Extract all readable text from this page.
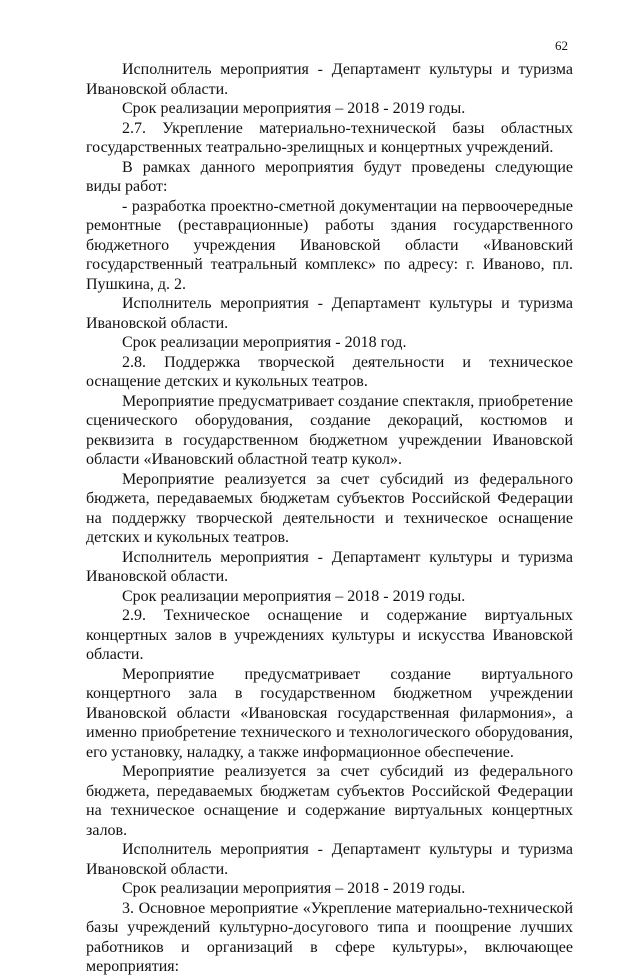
62

Исполнитель мероприятия - Департамент культуры и туризма Ивановской области.

Срок реализации мероприятия – 2018 - 2019 годы.

2.7. Укрепление материально-технической базы областных государственных театрально-зрелищных и концертных учреждений.

В рамках данного мероприятия будут проведены следующие виды работ:

- разработка проектно-сметной документации на первоочередные ремонтные (реставрационные) работы здания государственного бюджетного учреждения Ивановской области «Ивановский государственный театральный комплекс» по адресу: г. Иваново, пл. Пушкина, д. 2.

Исполнитель мероприятия - Департамент культуры и туризма Ивановской области.

Срок реализации мероприятия - 2018 год.

2.8. Поддержка творческой деятельности и техническое оснащение детских и кукольных театров.

Мероприятие предусматривает создание спектакля, приобретение сценического оборудования, создание декораций, костюмов и реквизита в государственном бюджетном учреждении Ивановской области «Ивановский областной театр кукол».

Мероприятие реализуется за счет субсидий из федерального бюджета, передаваемых бюджетам субъектов Российской Федерации на поддержку творческой деятельности и техническое оснащение детских и кукольных театров.

Исполнитель мероприятия - Департамент культуры и туризма Ивановской области.

Срок реализации мероприятия – 2018 - 2019 годы.

2.9. Техническое оснащение и содержание виртуальных концертных залов в учреждениях культуры и искусства Ивановской области.

Мероприятие предусматривает создание виртуального концертного зала в государственном бюджетном учреждении Ивановской области «Ивановская государственная филармония», а именно приобретение технического и технологического оборудования, его установку, наладку, а также информационное обеспечение.

Мероприятие реализуется за счет субсидий из федерального бюджета, передаваемых бюджетам субъектов Российской Федерации на техническое оснащение и содержание виртуальных концертных залов.

Исполнитель мероприятия - Департамент культуры и туризма Ивановской области.

Срок реализации мероприятия – 2018 - 2019 годы.

3. Основное мероприятие «Укрепление материально-технической базы учреждений культурно-досугового типа и поощрение лучших работников и организаций в сфере культуры», включающее мероприятия:
